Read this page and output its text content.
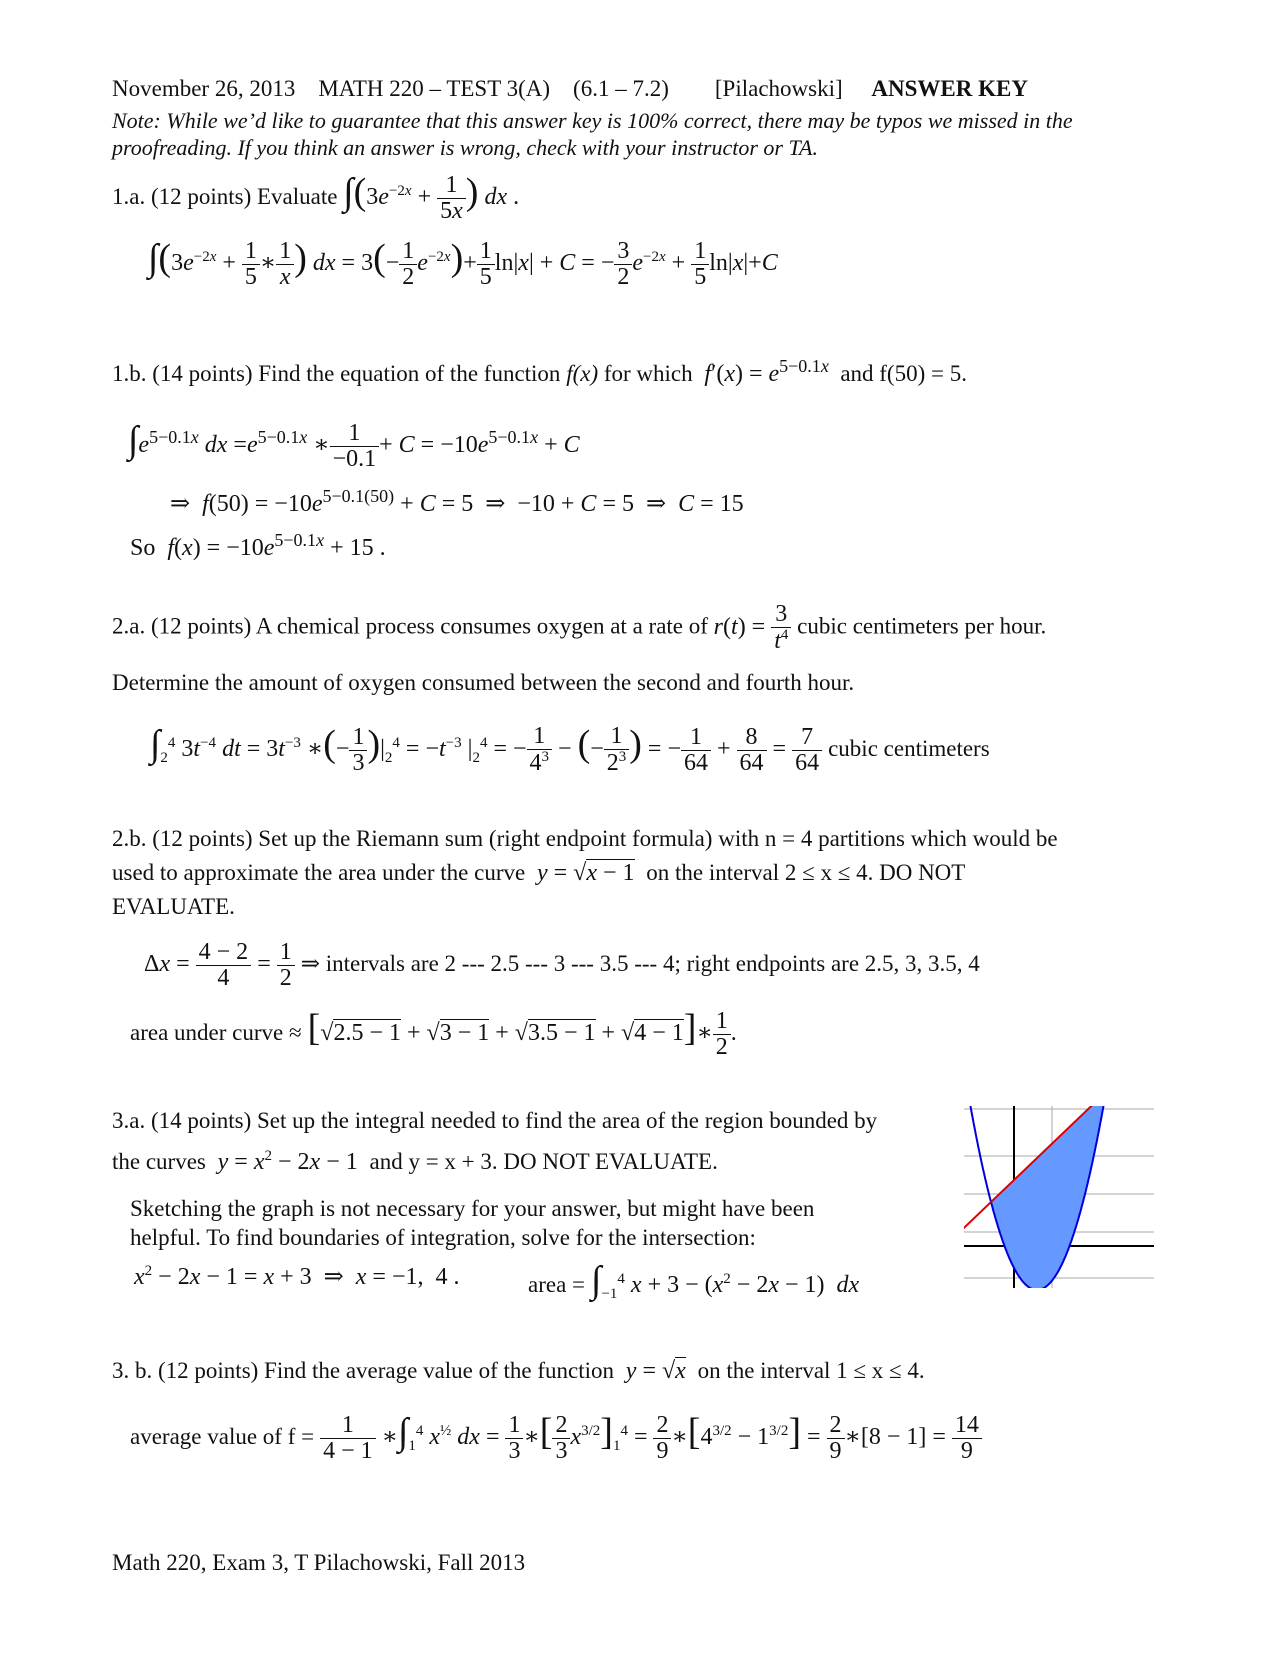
November 26, 2013 MATH 220 – TEST 3(A) (6.1 – 7.2) [Pilachowski] ANSWER KEY
Note: While we’d like to guarantee that this answer key is 100% correct, there may be typos we missed in the
proofreading. If you think an answer is wrong, check with your instructor or TA.
1.a. (12 points) Evaluate $\int(3e^{-2x} + \frac{1}{5x}$ ) dx .
$\int(3e^{-2x} + \frac{1}{5}$ ∗ $\frac{1}{x}$ ) dx = $3(- \frac{1}{2} e^{-2x})+ \frac{1}{5} \ln|x| + C$ = − $\frac{3}{2} e^{-2x} + \frac{1}{5} \ln|x|+C$
1.b. (14 points) Find the equation of the function f(x) for which $f'(x) = e^{5-0.1x}$ and f(50) = 5.
$\int e^{5-0.1x}$ dx $=e^{5-0.1x}$ ∗ $\frac{1}{-0.1} + C = -10e^{5-0.1x} + C$
⇒  $f(50) = -10e^{5-0.1(50)} + C = 5$  ⇒  −10 + C = 5  ⇒  C = 15
So  $f(x) = -10e^{5-0.1x} + 15$ .
2.a. (12 points) A chemical process consumes oxygen at a rate of $r(t) = \frac{3}{t^4}$ cubic centimeters per hour.
Determine the amount of oxygen consumed between the second and fourth hour.
$\int_2^4$ $3t^{-4}$ dt = $3t^{-3}$ ∗(− $\frac{1}{3} )|_2^4 = -t^{-3}$ $|_2^4$ = − $\frac{1}{4^3}$ − (− $\frac{1}{2^3}$ ) = − $\frac{1}{64} + \frac{8}{64} = \frac{7}{64}$ cubic centimeters
2.b. (12 points) Set up the Riemann sum (right endpoint formula) with n = 4 partitions which would be
used to approximate the area under the curve y = √x − 1 on the interval 2 ≤ x ≤ 4. DO NOT
EVALUATE.
$\Delta x = \frac{4 - 2}{4} = \frac{1}{2}$ ⇒ intervals are 2 --- 2.5 --- 3 --- 3.5 --- 4; right endpoints are 2.5, 3, 3.5, 4
area under curve ≈ [√2.5 − 1 + √3 − 1 + √3.5 − 1 + √4 − 1]∗ $\frac{1}{2}$ .
3.a. (14 points) Set up the integral needed to find the area of the region bounded by
the curves $y = x^2 - 2x - 1$  and y = x + 3. DO NOT EVALUATE.
Sketching the graph is not necessary for your answer, but might have been
helpful. To find boundaries of integration, solve for the intersection:
$x^2 - 2x - 1 = x + 3$  ⇒  x = −1,  4 .	area = $\int_{-1}^4$ $x + 3 - (x^2 - 2x - 1)$  dx
3. b. (12 points) Find the average value of the function y = √x on the interval 1 ≤ x ≤ 4.
average value of $f = \frac{1}{4 - 1}$ $∗\int_1^4$ $x^{\frac{1}{2}}$ dx = $\frac{1}{3}$ ∗[ $\frac{2}{3} x^{3/2}]_1^4 = \frac{2}{9}$ $∗[4^{3/2} - 1^{3/2}] = \frac{2}{9}$ ∗[8 − $1] = \frac{14}{9}$
Math 220, Exam 3, T Pilachowski, Fall 2013
